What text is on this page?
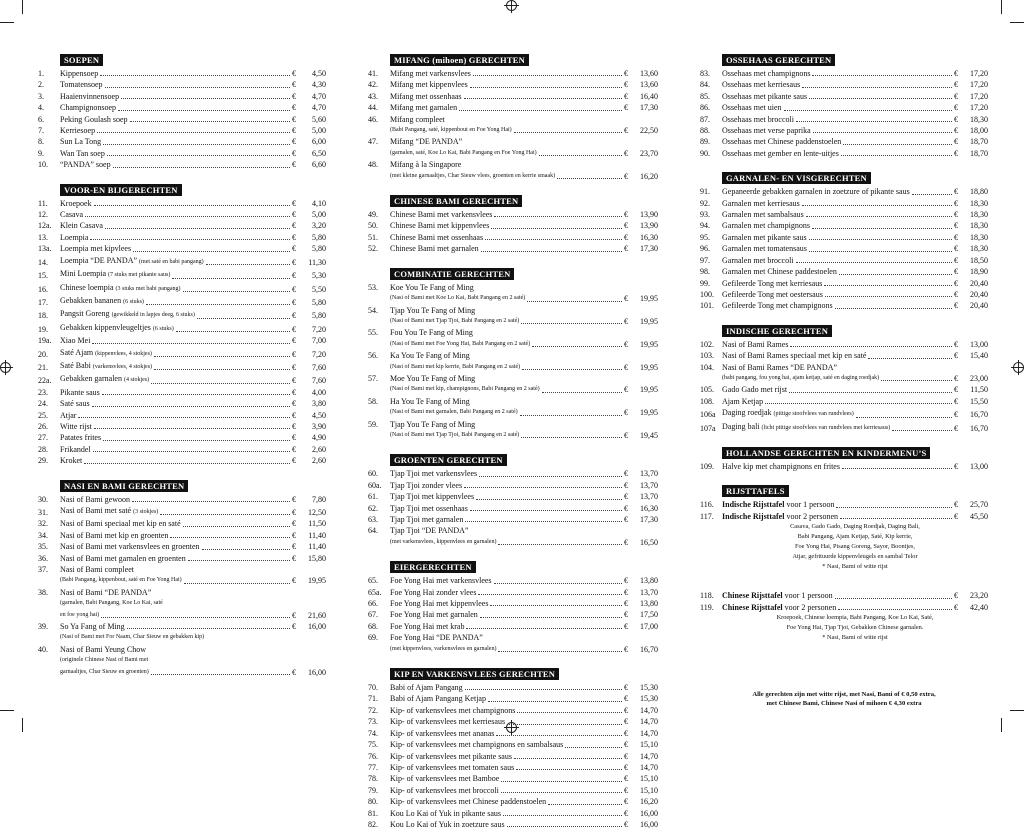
SOEPEN
1.	Kippensoep	€	4,50
2.	Tomatensoep	€	4,30
3.	Haaienvinnensoep	€	4,70
4.	Champignonsoep	€	4,70
6.	Peking Goulash soep	€	5,60
7.	Kerriesoep	€	5,00
8.	Sun La Tong	€	6,00
9.	Wan Tan soep	€	6,50
10.	“PANDA” soep	€	6,60
VOOR-EN BIJGERECHTEN
11.	Kroepoek	€	4,10
12.	Casava	€	5,00
12a.	Klein Casava	€	3,20
13.	Loempia	€	5,80
13a.	Loempia met kipvlees	€	5,80
14.	Loempia “DE PANDA” (met saté en babi pangang)	€	11,30
15.	Mini Loempia (7 stuks met pikante saus)	€	5,30
16.	Chinese loempia (3 stuks met babi pangang)	€	5,50
17.	Gebakken bananen (6 stuks)	€	5,80
18.	Pangsit Goreng (gewikkeld in lapjes deeg, 6 stuks)	€	5,80
19.	Gebakken kippenvleugeltjes (6 stuks)	€	7,20
19a.	Xiao Mei	€	7,00
20.	Saté Ajam (kippenvlees, 4 stokjes)	€	7,20
21.	Saté Babi (varkensvlees, 4 stokjes)	€	7,60
22a.	Gebakken garnalen (4 stokjes)	€	7,60
23.	Pikante saus	€	4,00
24.	Saté saus	€	3,80
25.	Atjar	€	4,50
26.	Witte rijst	€	3,90
27.	Patates frites	€	4,90
28.	Frikandel	€	2,60
29.	Kroket	€	2,60
NASI EN BAMI GERECHTEN
30.	Nasi of Bami gewoon	€	7,80
31.	Nasi of Bami met saté (3 stokjes)	€	12,50
32.	Nasi of Bami speciaal met kip en saté	€	11,50
34.	Nasi of Bami met kip en groenten	€	11,40
35.	Nasi of Bami met varkensvlees en groenten	€	11,40
36.	Nasi of Bami met garnalen en groenten	€	15,80
37.	Nasi of Bami compleet
(Babi Pangang, kippenbout, saté en Foe Yong Hai)	€	19,95
38.	Nasi of Bami “DE PANDA”
(garnalen, Babi Pangang, Koe Lo Kai, saté
en foe yong hai)	€	21,60
39.	So Ya Fang of Ming	€	16,00
(Nasi of Bami met For Naam, Char Sieuw en gebakken kip)
40.	Nasi of Bami Yeung Chow
(originele Chinese Nasi of Bami met
garnaaltjes, Char Sieuw en groenten)	€	16,00
MIFANG (mihoen) GERECHTEN
41.	Mifang met varkensvlees	€	13,60
42.	Mifang met kippenvlees	€	13,60
43.	Mifang met ossenhaas	€	16,40
44.	Mifang met garnalen	€	17,30
46.	Mifang compleet
(Babi Pangang, saté, kippenbout en Foe Yong Hai)	€	22,50
47.	Mifang “DE PANDA”
(garnalen, saté, Koe Lo Kai, Babi Pangang en Foe Yong Hai)	€	23,70
48.	Mifang à la Singapore
(met kleine garnaaltjes, Char Sieuw vlees, groenten en kerrie smaak)	€	16,20
CHINESE BAMI GERECHTEN
49.	Chinese Bami met varkensvlees	€	13,90
50.	Chinese Bami met kippenvlees	€	13,90
51.	Chinese Bami met ossenhaas	€	16,30
52.	Chinese Bami met garnalen	€	17,30
COMBINATIE GERECHTEN
53.	Koe You Te Fang of Ming
(Nasi of Bami met Koe Lo Kai, Babi Pangang en 2 saté)	€	19,95
54.	Tjap You Te Fang of Ming
(Nasi of Bami met Tjap Tjoi, Babi Pangang en 2 saté)	€	19,95
55.	Fou You Te Fang of Ming
(Nasi of Bami met Foe Yong Hai, Babi Pangang en 2 saté)	€	19,95
56.	Ka You Te Fang of Ming
(Nasi of Bami met kip kerrie, Babi Pangang en 2 saté)	€	19,95
57.	Moe You Te Fang of Ming
(Nasi of Bami met kip, champignons, Babi Pangang en 2 saté)	€	19,95
58.	Ha You Te Fang of Ming
(Nasi of Bami met garnalen, Babi Pangang en 2 saté)	€	19,95
59.	Tjap You Te Fang of Ming
(Nasi of Bami met Tjap Tjoi, Babi Pangang en 2 saté)	€	19,45
GROENTEN GERECHTEN
60.	Tjap Tjoi met varkensvlees	€	13,70
60a.	Tjap Tjoi zonder vlees	€	13,70
61.	Tjap Tjoi met kippenvlees	€	13,70
62.	Tjap Tjoi met ossenhaas	€	16,30
63.	Tjap Tjoi met garnalen	€	17,30
64.	Tjap Tjoi “DE PANDA”
(met varkensvlees, kippenvlees en garnalen)	€	16,50
EIERGERECHTEN
65.	Foe Yong Hai met varkensvlees	€	13,80
65a.	Foe Yong Hai zonder vlees	€	13,70
66.	Foe Yong Hai met kippenvlees	€	13,80
67.	Foe Yong Hai met garnalen	€	17,50
68.	Foe Yong Hai met krab	€	17,00
69.	Foe Yong Hai “DE PANDA”
(met kippenvlees, varkensvlees en garnalen)	€	16,70
KIP EN VARKENSVLEES GERECHTEN
70.	Babi of Ajam Pangang	€	15,30
71.	Babi of Ajam Pangang Ketjap	€	15,30
72.	Kip- of varkensvlees met champignons	€	14,70
73.	Kip- of varkensvlees met kerriesaus	€	14,70
74.	Kip- of varkensvlees met ananas	€	14,70
75.	Kip- of varkensvlees met champignons en sambalsaus	€	15,10
76.	Kip- of varkensvlees met pikante saus	€	14,70
77.	Kip- of varkensvlees met tomaten saus	€	14,70
78.	Kip- of varkensvlees met Bamboe	€	15,10
79.	Kip- of varkensvlees met broccoli	€	15,10
80.	Kip- of varkensvlees met Chinese paddenstoelen	€	16,20
81.	Kou Lo Kai of Yuk in pikante saus	€	16,00
82.	Kou Lo Kai of Yuk in zoetzure saus	€	16,00
OSSEHAAS GERECHTEN
83.	Ossehaas met champignons	€	17,20
84.	Ossehaas met kerriesaus	€	17,20
85.	Ossehaas met pikante saus	€	17,20
86.	Ossehaas met uien	€	17,20
87.	Ossehaas met broccoli	€	18,30
88.	Ossehaas met verse paprika	€	18,00
89.	Ossehaas met Chinese paddenstoelen	€	18,70
90.	Ossehaas met gember en lente-uitjes	€	18,70
GARNALEN- EN VISGERECHTEN
91.	Gepaneerde gebakken garnalen in zoetzure of pikante saus	€	18,80
92.	Garnalen met kerriesaus	€	18,30
93.	Garnalen met sambalsaus	€	18,30
94.	Garnalen met champignons	€	18,30
95.	Garnalen met pikante saus	€	18,30
96.	Garnalen met tomatensaus	€	18,30
97.	Garnalen met broccoli	€	18,50
98.	Garnalen met Chinese paddestoelen	€	18,90
99.	Gefileerde Tong met kerriesaus	€	20,40
100.	Gefileerde Tong met oestersaus	€	20,40
101.	Gefileerde Tong met champignons	€	20,40
INDISCHE GERECHTEN
102.	Nasi of Bami Rames	€	13,00
103.	Nasi of Bami Rames speciaal met kip en saté	€	15,40
104.	Nasi of Bami Rames “DE PANDA”
(babi pangang, fou yong hai, ajam ketjap, saté en daging roedjak)	€	23,00
105.	Gado Gado met rijst	€	11,50
108.	Ajam Ketjap	€	15,50
106a Daging roedjak (pittige stoofvlees van rundvlees)	€	16,70
107a Daging bali (licht pittige stoofvlees van rundvlees met kerriesaus)	€	16,70
HOLLANDSE GERECHTEN EN KINDERMENU’S
109.	Halve kip met champignons en frites	€	13,00
RIJSTTAFELS
116.	Indische Rijsttafel voor 1 persoon	€	25,70
117.	Indische Rijsttafel voor 2 personen	€	45,50
Casava, Gado Gado, Daging Roedjak, Daging Bali,
Babi Pangang, Ajam Ketjap, Saté, Kip kerrie,
Foe Yong Hai, Pisang Goreng, Sayor, Boontjes,
Atjar, gefrituurde kippenvleugels en sambal Telor
* Nasi, Bami of witte rijst
118.	Chinese Rijsttafel voor 1 persoon	€	23,20
119.	Chinese Rijsttafel voor 2 personen	€	42,40
Kroepoek, Chinese loempia, Babi Pangang, Koe Lo Kai, Saté,
Foe Yong Hai, Tjap Tjoi, Gebakken Chinese garnalen.
* Nasi, Bami of witte rijst
Alle gerechten zijn met witte rijst, met Nasi, Bami of € 0,50 extra,
met Chinese Bami, Chinese Nasi of mihoen € 4,30 extra
